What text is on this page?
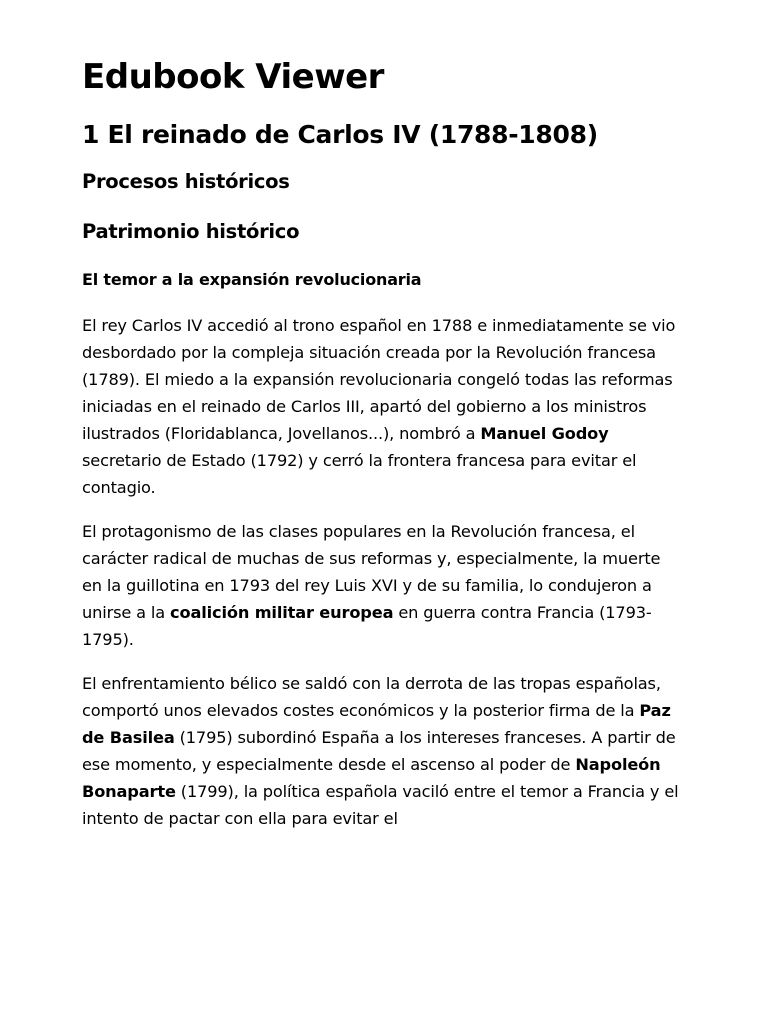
Edubook Viewer
1 El reinado de Carlos IV (1788-1808)
Procesos históricos
Patrimonio histórico
El temor a la expansión revolucionaria

El rey Carlos IV accedió al trono español en 1788 e inmediatamente se vio desbordado por la compleja situación creada por la Revolución francesa (1789). El miedo a la expansión revolucionaria congeló todas las reformas iniciadas en el reinado de Carlos III, apartó del gobierno a los ministros ilustrados (Floridablanca, Jovellanos...), nombró a Manuel Godoy secretario de Estado (1792) y cerró la frontera francesa para evitar el contagio.

El protagonismo de las clases populares en la Revolución francesa, el carácter radical de muchas de sus reformas y, especialmente, la muerte en la guillotina en 1793 del rey Luis XVI y de su familia, lo condujeron a unirse a la coalición militar europea en guerra contra Francia (1793-1795).

El enfrentamiento bélico se saldó con la derrota de las tropas españolas, comportó unos elevados costes económicos y la posterior firma de la Paz de Basilea (1795) subordinó España a los intereses franceses. A partir de ese momento, y especialmente desde el ascenso al poder de Napoleón Bonaparte (1799), la política española vaciló entre el temor a Francia y el intento de pactar con ella para evitar el
